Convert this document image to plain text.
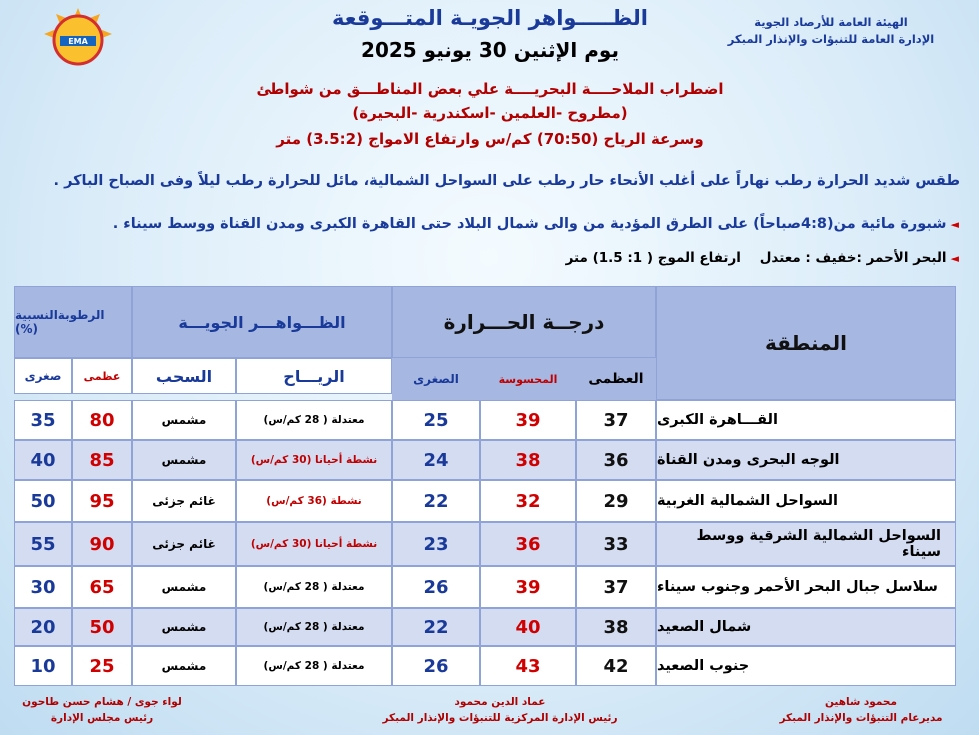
EMA
الهيئة العامة للأرصاد الجوية
الإدارة العامة للتنبؤات والإنذار المبكر
الظـــــواهر الجويـة المتـــوقعة
يوم الإثنين 30 يونيو 2025
اضطراب الملاحــــة البحريــــة علي بعض المناطـــق من شواطئ
(مطروح -العلمين -اسكندرية -البحيرة)
وسرعة الرياح (70:50) كم/س وارتفاع الامواج (3.5:2) متر
طقس شديد الحرارة رطب نهاراً على أغلب الأنحاء حار رطب على السواحل الشمالية، مائل للحرارة رطب ليلاً وفى الصباح الباكر .
◄شبورة مائية من(4:8صباحاً) على الطرق المؤدية من والى شمال البلاد حتى القاهرة الكبرى ومدن القناة ووسط سيناء .
◄البحر الأحمر :خفيف : معتدل    ارتفاع الموج ( 1: 1.5) متر
الرطوبةالنسبية (%)	الظـــواهـــر الجويـــة	درجــة الحـــرارة
المنطقة
صغرى	عظمى	السحب	الريـــاح	الصغرى	المحسوسة	العظمى
35	80	مشمس	معتدلة ( 28 كم/س)	25	39	37	القـــاهرة الكبرى
40	85	مشمس	نشطة أحيانا (30 كم/س)	24	38	36	الوجه البحرى ومدن القناة
50	95	غائم جزئى	نشطة (36 كم/س)	22	32	29	السواحل الشمالية الغربية
55	90	غائم جزئى	نشطة أحيانا (30 كم/س)	23	36	33	السواحل الشمالية الشرقية ووسط سيناء
30	65	مشمس	معتدلة ( 28 كم/س)	26	39	37	سلاسل جبال البحر الأحمر وجنوب سيناء
20	50	مشمس	معتدلة ( 28 كم/س)	22	40	38	شمال الصعيد
10	25	مشمس	معتدلة ( 28 كم/س)	26	43	42	جنوب الصعيد
محمود شاهين
مديرعام التنبؤات والإنذار المبكر
عماد الدين محمود
رئيس الإدارة المركزية للتنبؤات والإنذار المبكر
لواء جوى / هشام حسن طاحون
رئيس مجلس الإدارة
